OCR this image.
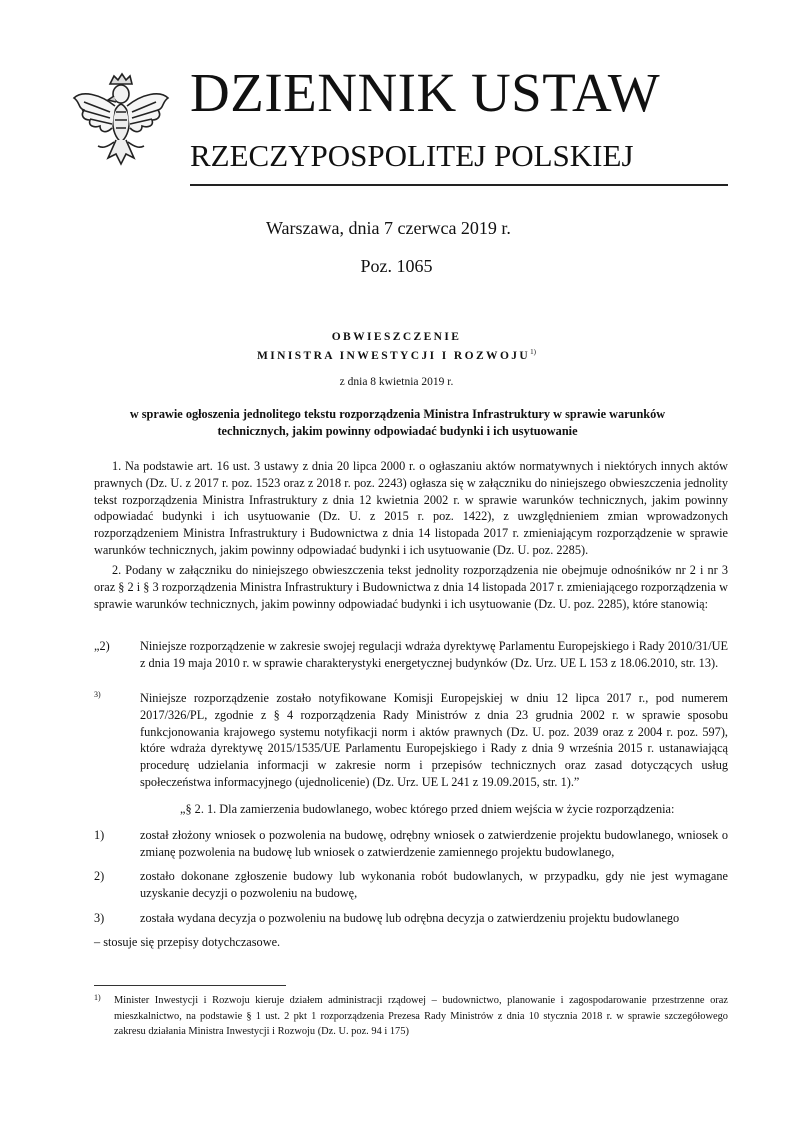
DZIENNIK USTAW
RZECZYPOSPOLITEJ POLSKIEJ
Warszawa, dnia 7 czerwca 2019 r.
Poz. 1065
OBWIESZCZENIE
MINISTRA INWESTYCJI I ROZWOJU$^{1)}$
z dnia 8 kwietnia 2019 r.
w sprawie ogłoszenia jednolitego tekstu rozporządzenia Ministra Infrastruktury w sprawie warunków technicznych, jakim powinny odpowiadać budynki i ich usytuowanie
1. Na podstawie art. 16 ust. 3 ustawy z dnia 20 lipca 2000 r. o ogłaszaniu aktów normatywnych i niektórych innych aktów prawnych (Dz. U. z 2017 r. poz. 1523 oraz z 2018 r. poz. 2243) ogłasza się w załączniku do niniejszego obwieszczenia jednolity tekst rozporządzenia Ministra Infrastruktury z dnia 12 kwietnia 2002 r. w sprawie warunków technicznych, jakim powinny odpowiadać budynki i ich usytuowanie (Dz. U. z 2015 r. poz. 1422), z uwzględnieniem zmian wprowadzonych rozporządzeniem Ministra Infrastruktury i Budownictwa z dnia 14 listopada 2017 r. zmieniającym rozporządzenie w sprawie warunków technicznych, jakim powinny odpowiadać budynki i ich usytuowanie (Dz. U. poz. 2285).
2. Podany w załączniku do niniejszego obwieszczenia tekst jednolity rozporządzenia nie obejmuje odnośników nr 2 i nr 3 oraz § 2 i § 3 rozporządzenia Ministra Infrastruktury i Budownictwa z dnia 14 listopada 2017 r. zmieniającego rozporządzenia w sprawie warunków technicznych, jakim powinny odpowiadać budynki i ich usytuowanie (Dz. U. poz. 2285), które stanowią:
„2) Niniejsze rozporządzenie w zakresie swojej regulacji wdraża dyrektywę Parlamentu Europejskiego i Rady 2010/31/UE z dnia 19 maja 2010 r. w sprawie charakterystyki energetycznej budynków (Dz. Urz. UE L 153 z 18.06.2010, str. 13).
3)	Niniejsze rozporządzenie zostało notyfikowane Komisji Europejskiej w dniu 12 lipca 2017 r., pod numerem 2017/326/PL, zgodnie z § 4 rozporządzenia Rady Ministrów z dnia 23 grudnia 2002 r. w sprawie sposobu funkcjonowania krajowego systemu notyfikacji norm i aktów prawnych (Dz. U. poz. 2039 oraz z 2004 r. poz. 597), które wdraża dyrektywę 2015/1535/UE Parlamentu Europejskiego i Rady z dnia 9 września 2015 r. ustanawiającą procedurę udzielania informacji w zakresie norm i przepisów technicznych oraz zasad dotyczących usług społeczeństwa informacyjnego (ujednolicenie) (Dz. Urz. UE L 241 z 19.09.2015, str. 1).”
„§ 2. 1. Dla zamierzenia budowlanego, wobec którego przed dniem wejścia w życie rozporządzenia:
1)	został złożony wniosek o pozwolenia na budowę, odrębny wniosek o zatwierdzenie projektu budowlanego, wniosek o zmianę pozwolenia na budowę lub wniosek o zatwierdzenie zamiennego projektu budowlanego,
2)	zostało dokonane zgłoszenie budowy lub wykonania robót budowlanych, w przypadku, gdy nie jest wymagane uzyskanie decyzji o pozwoleniu na budowę,
3)	została wydana decyzja o pozwoleniu na budowę lub odrębna decyzja o zatwierdzeniu projektu budowlanego
– stosuje się przepisy dotychczasowe.
1) Minister Inwestycji i Rozwoju kieruje działem administracji rządowej – budownictwo, planowanie i zagospodarowanie przestrzenne oraz mieszkalnictwo, na podstawie § 1 ust. 2 pkt 1 rozporządzenia Prezesa Rady Ministrów z dnia 10 stycznia 2018 r. w sprawie szczegółowego zakresu działania Ministra Inwestycji i Rozwoju (Dz. U. poz. 94 i 175)
